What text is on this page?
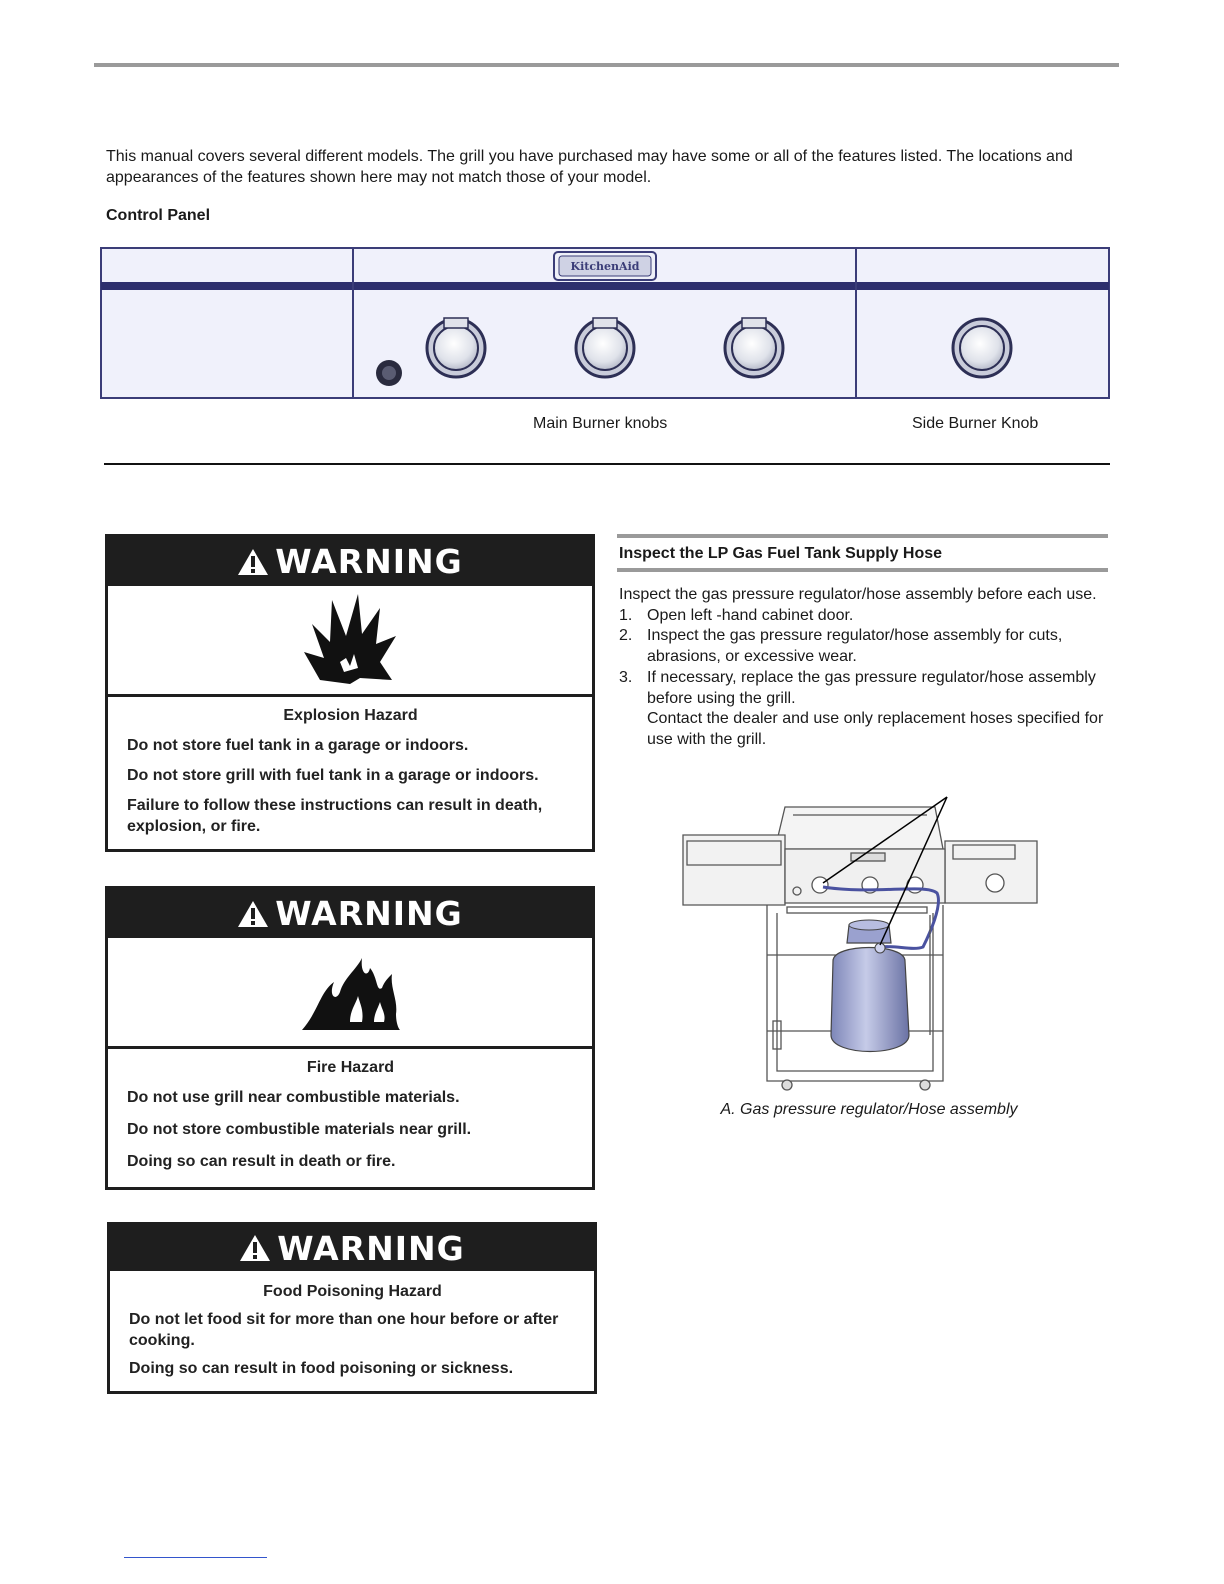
This manual covers several different models. The grill you have purchased may have some or all of the features listed. The locations and appearances of the features shown here may not match those of your model.
Control Panel
KitchenAid
Main Burner knobs	Side Burner Knob
WARNING
Explosion Hazard
Do not store fuel tank in a garage or indoors.
Do not store grill with fuel tank in a garage or indoors.
Failure to follow these instructions can result in death, explosion, or fire.
WARNING
Fire Hazard
Do not use grill near combustible materials.
Do not store combustible materials near grill.
Doing so can result in death or fire.
WARNING
Food Poisoning Hazard
Do not let food sit for more than one hour before or after cooking.
Doing so can result in food poisoning or sickness.
Inspect the LP Gas Fuel Tank Supply Hose
Inspect the gas pressure regulator/hose assembly before each use.
1. Open left -hand cabinet door.
2. Inspect the gas pressure regulator/hose assembly for cuts, abrasions, or excessive wear.
3. If necessary, replace the gas pressure regulator/hose assembly before using the grill.
Contact the dealer and use only replacement hoses specified for use with the grill.
A. Gas pressure regulator/Hose assembly
